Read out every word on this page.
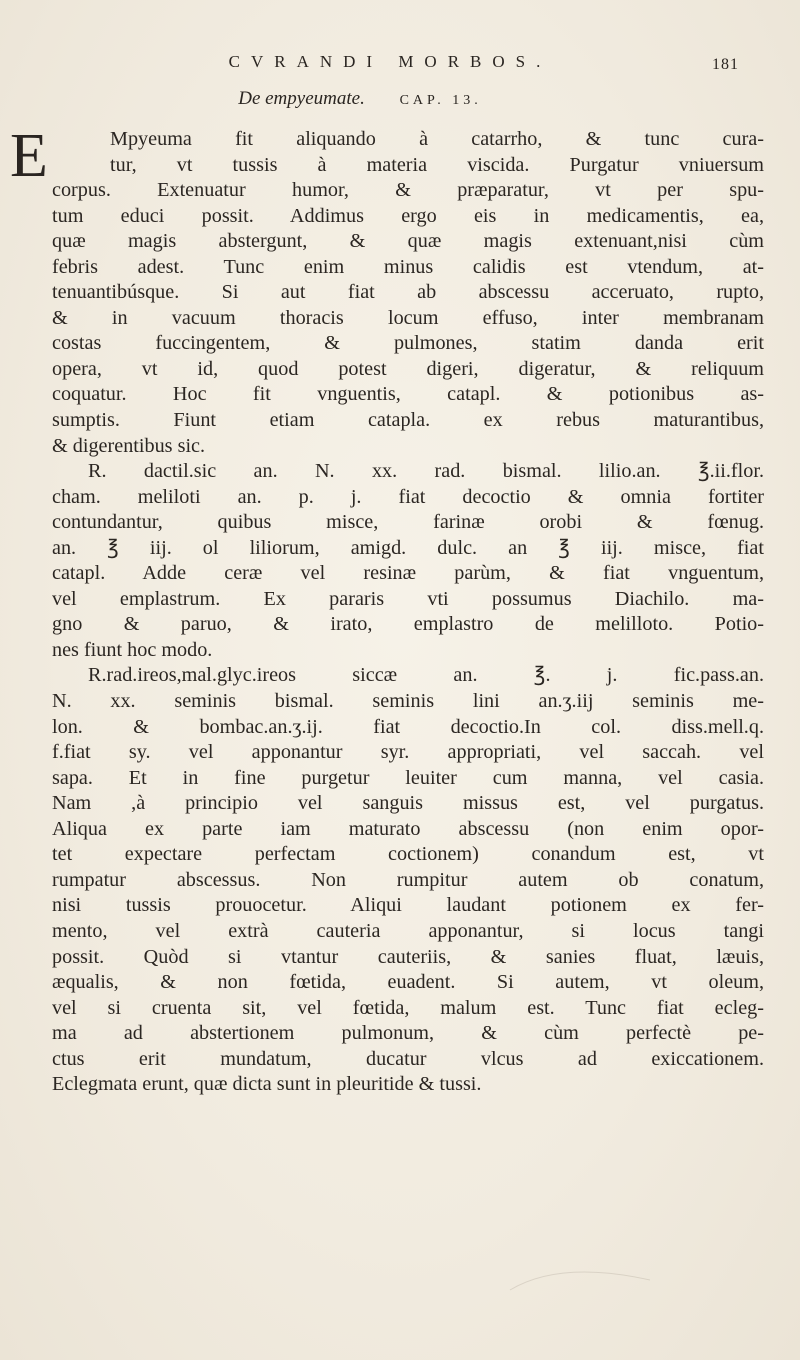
CVRANDI MORBOS.	181
De empyeumate. CAP. 13.
E	Mpyeuma fit aliquando à catarrho, & tunc cura-
tur, vt tussis à materia viscida. Purgatur vniuersum
corpus. Extenuatur humor, & præparatur, vt per spu-
tum educi possit. Addimus ergo eis in medicamentis, ea,
quæ magis abstergunt, & quæ magis extenuant,nisi cùm
febris adest. Tunc enim minus calidis est vtendum, at-
tenuantibúsque. Si aut fiat ab abscessu acceruato, rupto,
& in vacuum thoracis locum effuso, inter membranam
costas fuccingentem, & pulmones, statim danda erit
opera, vt id, quod potest digeri, digeratur, & reliquum
coquatur. Hoc fit vnguentis, catapl. & potionibus as-
sumptis. Fiunt etiam catapla. ex rebus maturantibus,
& digerentibus sic.
R. dactil.sic an. N. xx. rad. bismal. lilio.an. ℥.ii.flor.
cham. meliloti an. p. j. fiat decoctio & omnia fortiter
contundantur, quibus misce, farinæ orobi & fœnug.
an. ℥ iij. ol liliorum, amigd. dulc. an ℥ iij. misce, fiat
catapl. Adde ceræ vel resinæ parùm, & fiat vnguentum,
vel emplastrum. Ex pararis vti possumus Diachilo. ma-
gno & paruo, & irato, emplastro de melilloto. Potio-
nes fiunt hoc modo.
R.rad.ireos,mal.glyc.ireos siccæ an. ℥. j. fic.pass.an.
N. xx. seminis bismal. seminis lini an.ʒ.iij seminis me-
lon. & bombac.an.ʒ.ij. fiat decoctio.In col. diss.mell.q.
f.fiat sy. vel apponantur syr. appropriati, vel saccah. vel
sapa. Et in fine purgetur leuiter cum manna, vel casia.
Nam ,à principio vel sanguis missus est, vel purgatus.
Aliqua ex parte iam maturato abscessu (non enim opor-
tet expectare perfectam coctionem) conandum est, vt
rumpatur abscessus. Non rumpitur autem ob conatum,
nisi tussis prouocetur. Aliqui laudant potionem ex fer-
mento, vel extrà cauteria apponantur, si locus tangi
possit. Quòd si vtantur cauteriis, & sanies fluat, læuis,
æqualis, & non fœtida, euadent. Si autem, vt oleum,
vel si cruenta sit, vel fœtida, malum est. Tunc fiat ecleg-
ma ad abstertionem pulmonum, & cùm perfectè pe-
ctus erit mundatum, ducatur vlcus ad exiccationem.
Eclegmata erunt, quæ dicta sunt in pleuritide & tussi.
